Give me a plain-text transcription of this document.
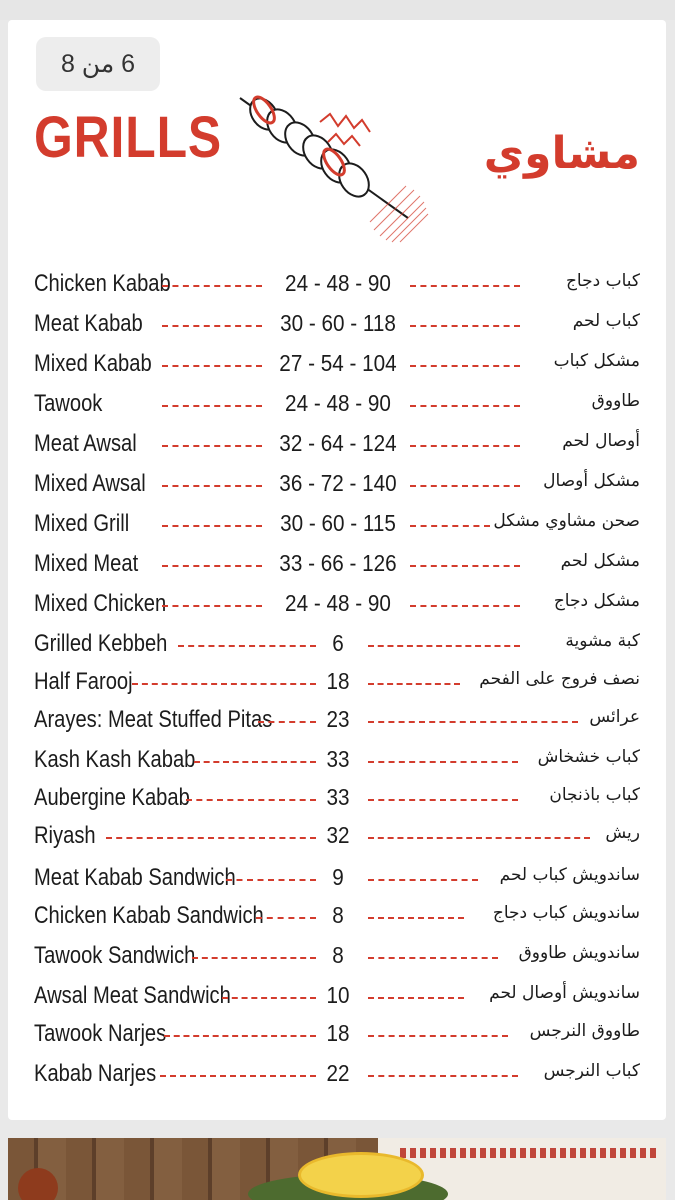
6 من 8
GRILLS	مشاوي
Chicken Kabab	24 - 48 - 90	كباب دجاج
Meat Kabab	30 - 60 - 118	كباب لحم
Mixed Kabab	27 - 54 - 104	مشكل كباب
Tawook	24 - 48 - 90	طاووق
Meat Awsal	32 - 64 - 124	أوصال لحم
Mixed Awsal	36 - 72 - 140	مشكل أوصال
Mixed Grill	30 - 60 - 115	صحن مشاوي مشكل
Mixed Meat	33 - 66 - 126	مشكل لحم
Mixed Chicken	24 - 48 - 90	مشكل دجاج
Grilled Kebbeh	6	كبة مشوية
Half Farooj	18	نصف فروج على الفحم
Arayes: Meat Stuffed Pitas	23	عرائس
Kash Kash Kabab	33	كباب خشخاش
Aubergine Kabab	33	كباب باذنجان
Riyash	32	ريش
Meat Kabab Sandwich	9	ساندويش كباب لحم
Chicken Kabab Sandwich	8	ساندويش كباب دجاج
Tawook Sandwich	8	ساندويش طاووق
Awsal Meat Sandwich	10	ساندويش أوصال لحم
Tawook Narjes	18	طاووق النرجس
Kabab Narjes	22	كباب النرجس
